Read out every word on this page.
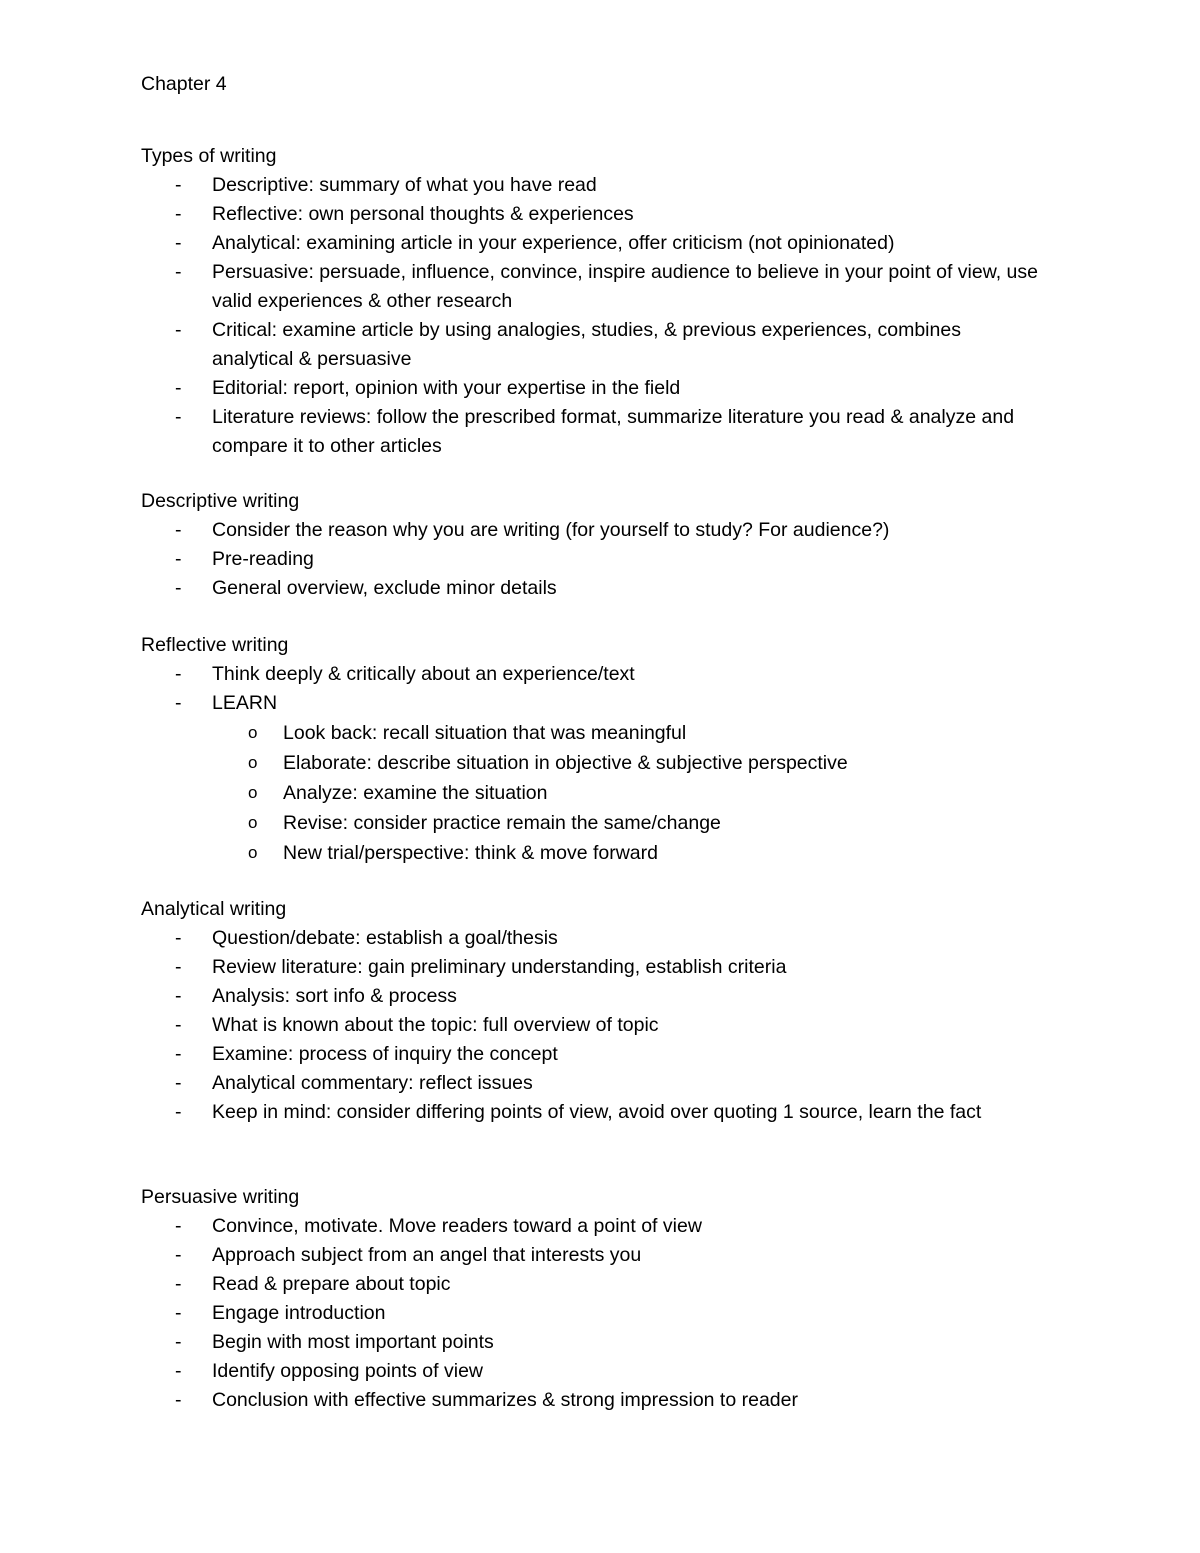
Chapter 4
Types of writing
- Descriptive: summary of what you have read
- Reflective: own personal thoughts & experiences
- Analytical: examining article in your experience, offer criticism (not opinionated)
- Persuasive: persuade, influence, convince, inspire audience to believe in your point of view, use valid experiences & other research
- Critical: examine article by using analogies, studies, & previous experiences, combines analytical & persuasive
- Editorial: report, opinion with your expertise in the field
- Literature reviews: follow the prescribed format, summarize literature you read & analyze and compare it to other articles
Descriptive writing
- Consider the reason why you are writing (for yourself to study? For audience?)
- Pre-reading
- General overview, exclude minor details
Reflective writing
- Think deeply & critically about an experience/text
- LEARN
o Look back: recall situation that was meaningful
o Elaborate: describe situation in objective & subjective perspective
o Analyze: examine the situation
o Revise: consider practice remain the same/change
o New trial/perspective: think & move forward
Analytical writing
- Question/debate: establish a goal/thesis
- Review literature: gain preliminary understanding, establish criteria
- Analysis: sort info & process
- What is known about the topic: full overview of topic
- Examine: process of inquiry the concept
- Analytical commentary: reflect issues
- Keep in mind: consider differing points of view, avoid over quoting 1 source, learn the fact
Persuasive writing
- Convince, motivate. Move readers toward a point of view
- Approach subject from an angel that interests you
- Read & prepare about topic
- Engage introduction
- Begin with most important points
- Identify opposing points of view
- Conclusion with effective summarizes & strong impression to reader
